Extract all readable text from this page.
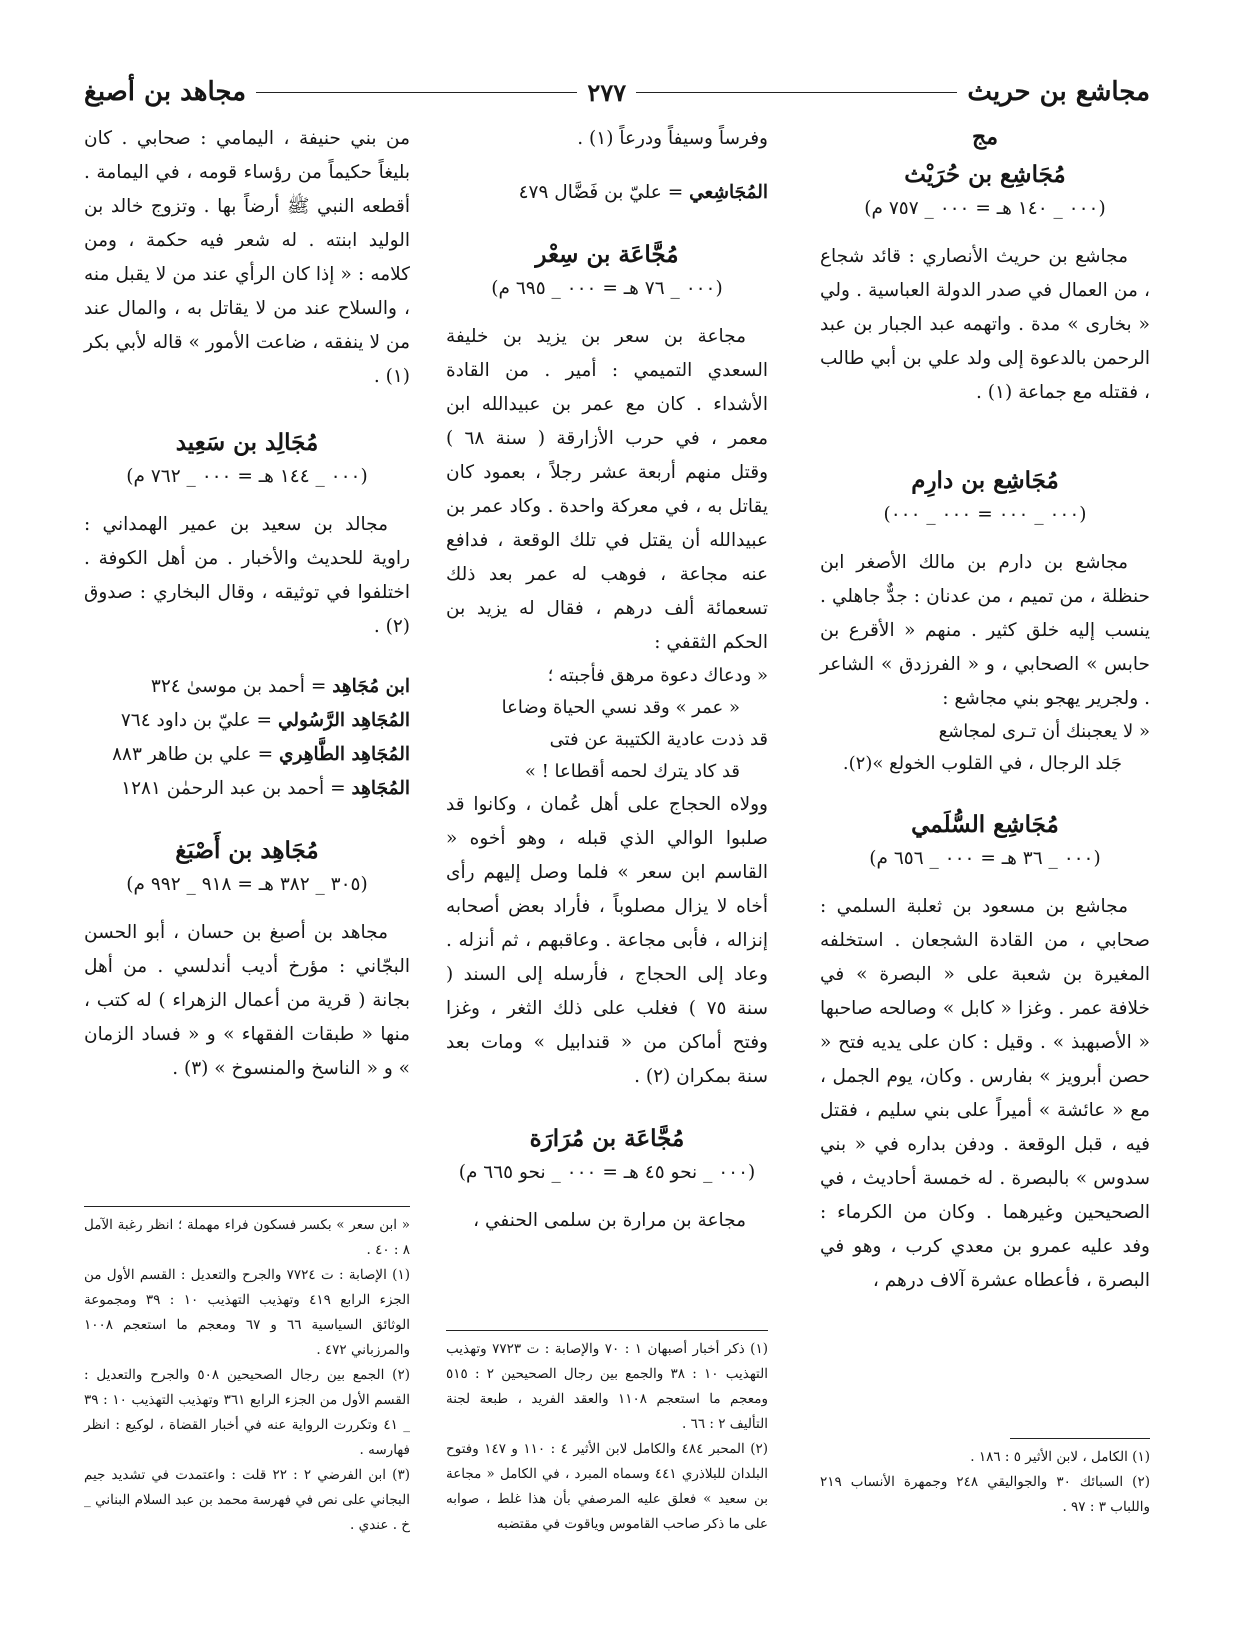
مجاشع بن حريث
٢٧٧
مجاهد بن أصبغ
مج
مُجَاشِع بن حُرَيْث
(٠٠٠ _ ١٤٠ هـ = ٠٠٠ _ ٧٥٧ م)

مجاشع بن حريث الأنصاري : قائد شجاع ، من العمال في صدر الدولة العباسية . ولي « بخارى » مدة . واتهمه عبد الجبار بن عبد الرحمن بالدعوة إلى ولد علي بن أبي طالب ، فقتله مع جماعة (١) .

مُجَاشِع بن دارِم
(٠٠٠ _ ٠٠٠ = ٠٠٠ _ ٠٠٠)

مجاشع بن دارم بن مالك الأصغر ابن حنظلة ، من تميم ، من عدنان : جدٌّ جاهلي . ينسب إليه خلق كثير . منهم « الأقرع بن حابس » الصحابي ، و « الفرزدق » الشاعر . ولجرير يهجو بني مجاشع :

« لا يعجبنك أن تـرى لمجاشع
جَلد الرجال ، في القلوب الخولع »(٢).
مُجَاشِع السُّلَمي
(٠٠٠ _ ٣٦ هـ = ٠٠٠ _ ٦٥٦ م)

مجاشع بن مسعود بن ثعلبة السلمي : صحابي ، من القادة الشجعان . استخلفه المغيرة بن شعبة على « البصرة » في خلافة عمر . وغزا « كابل » وصالحه صاحبها « الأصبهبذ » . وقيل : كان على يديه فتح « حصن أبرويز » بفارس . وكان، يوم الجمل ، مع « عائشة » أميراً على بني سليم ، فقتل فيه ، قبل الوقعة . ودفن بداره في « بني سدوس » بالبصرة . له خمسة أحاديث ، في الصحيحين وغيرهما . وكان من الكرماء : وفد عليه عمرو بن معدي كرب ، وهو في البصرة ، فأعطاه عشرة آلاف درهم ،

(١) الكامل ، لابن الأثير ٥ : ١٨٦ .

(٢) السبائك ٣٠ والجواليقي ٢٤٨ وجمهرة الأنساب ٢١٩ واللباب ٣ : ٩٧ .

وفرساً وسيفاً ودرعاً (١) .

المُجَاشِعي = عليّ بن فَضَّال ٤٧٩

مُجَّاعَة بن سِعْر
(٠٠٠ _ ٧٦ هـ = ٠٠٠ _ ٦٩٥ م)

مجاعة بن سعر بن يزيد بن خليفة السعدي التميمي : أمير . من القادة الأشداء . كان مع عمر بن عبيدالله ابن معمر ، في حرب الأزارقة ( سنة ٦٨ ) وقتل منهم أربعة عشر رجلاً ، بعمود كان يقاتل به ، في معركة واحدة . وكاد عمر بن عبيدالله أن يقتل في تلك الوقعة ، فدافع عنه مجاعة ، فوهب له عمر بعد ذلك تسعمائة ألف درهم ، فقال له يزيد بن الحكم الثقفي :

« ودعاك دعوة مرهق فأجبته ؛
« عمر » وقد نسي الحياة وضاعا
قد ذدت عادية الكتيبة عن فتى
قد كاد يترك لحمه أقطاعا ! »

وولاه الحجاج على أهل عُمان ، وكانوا قد صلبوا الوالي الذي قبله ، وهو أخوه « القاسم ابن سعر » فلما وصل إليهم رأى أخاه لا يزال مصلوباً ، فأراد بعض أصحابه إنزاله ، فأبى مجاعة . وعاقبهم ، ثم أنزله . وعاد إلى الحجاج ، فأرسله إلى السند ( سنة ٧٥ ) فغلب على ذلك الثغر ، وغزا وفتح أماكن من « قندابيل » ومات بعد سنة بمكران (٢) .

مُجَّاعَة بن مُرَارَة
(٠٠٠ _ نحو ٤٥ هـ = ٠٠٠ _ نحو ٦٦٥ م)

مجاعة بن مرارة بن سلمى الحنفي ،

(١) ذكر أخبار أصبهان ١ : ٧٠ والإصابة : ت ٧٧٢٣ وتهذيب التهذيب ١٠ : ٣٨ والجمع بين رجال الصحيحين ٢ : ٥١٥ ومعجم ما استعجم ١١٠٨ والعقد الفريد ، طبعة لجنة التأليف ٢ : ٦٦ .

(٢) المحبر ٤٨٤ والكامل لابن الأثير ٤ : ١١٠ و ١٤٧ وفتوح البلدان للبلاذري ٤٤١ وسماه المبرد ، في الكامل « مجاعة بن سعيد » فعلق عليه المرصفي بأن هذا غلط ، صوابه على ما ذكر صاحب القاموس وياقوت في مقتضبه

من بني حنيفة ، اليمامي : صحابي . كان بليغاً حكيماً من رؤساء قومه ، في اليمامة . أقطعه النبي ﷺ أرضاً بها . وتزوج خالد بن الوليد ابنته . له شعر فيه حكمة ، ومن كلامه : « إذا كان الرأي عند من لا يقبل منه ، والسلاح عند من لا يقاتل به ، والمال عند من لا ينفقه ، ضاعت الأمور » قاله لأبي بكر (١) .

مُجَالِد بن سَعِيد
(٠٠٠ _ ١٤٤ هـ = ٠٠٠ _ ٧٦٢ م)

مجالد بن سعيد بن عمير الهمداني : راوية للحديث والأخبار . من أهل الكوفة . اختلفوا في توثيقه ، وقال البخاري : صدوق (٢) .

ابن مُجَاهِد = أحمد بن موسىٰ ٣٢٤

المُجَاهِد الرَّسُولي = عليّ بن داود ٧٦٤

المُجَاهِد الطَّاهِري = علي بن طاهر ٨٨٣

المُجَاهِد = أحمد بن عبد الرحمٰن ١٢٨١

مُجَاهِد بن أَصْبَغ
(٣٠٥ _ ٣٨٢ هـ = ٩١٨ _ ٩٩٢ م)

مجاهد بن أصبغ بن حسان ، أبو الحسن البجّاني : مؤرخ أديب أندلسي . من أهل بجانة ( قرية من أعمال الزهراء ) له كتب ، منها « طبقات الفقهاء » و « فساد الزمان » و « الناسخ والمنسوخ » (٣) .

« ابن سعر » بكسر فسكون فراء مهملة ؛ انظر رغبة الآمل ٨ : ٤٠ .

(١) الإصابة : ت ٧٧٢٤ والجرح والتعديل : القسم الأول من الجزء الرابع ٤١٩ وتهذيب التهذيب ١٠ : ٣٩ ومجموعة الوثائق السياسية ٦٦ و ٦٧ ومعجم ما استعجم ١٠٠٨ والمرزباني ٤٧٢ .

(٢) الجمع بين رجال الصحيحين ٥٠٨ والجرح والتعديل : القسم الأول من الجزء الرابع ٣٦١ وتهذيب التهذيب ١٠ : ٣٩ _ ٤١ وتكررت الرواية عنه في أخبار القضاة ، لوكيع : انظر فهارسه .

(٣) ابن الفرضي ٢ : ٢٢ قلت : واعتمدت في تشديد جيم البجاني على نص في فهرسة محمد بن عبد السلام البناني _ خ . عندي .
